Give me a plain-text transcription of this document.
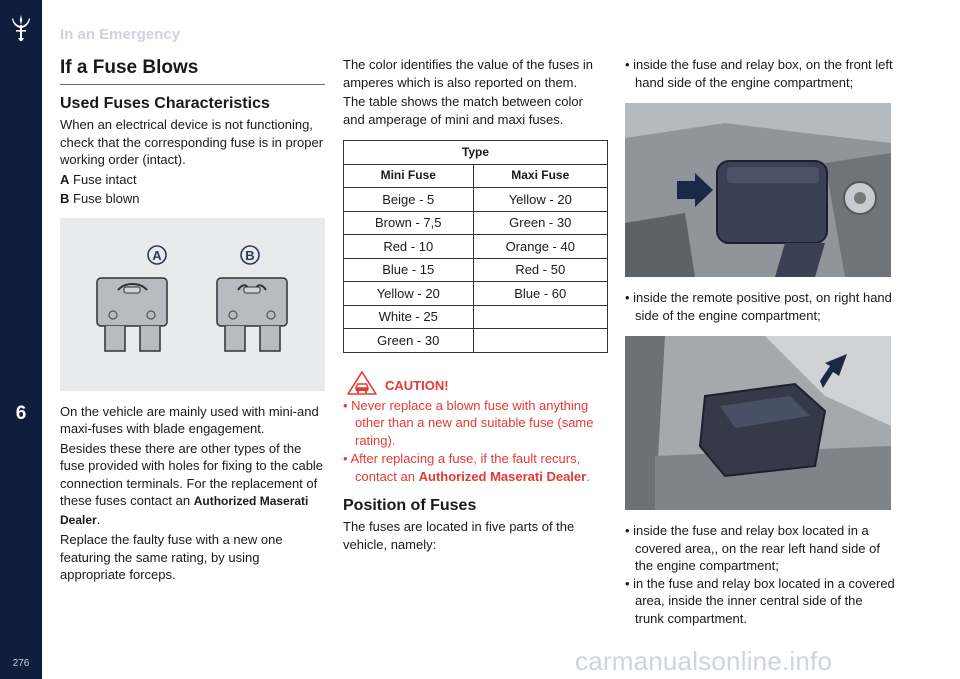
6
276
In an Emergency
If a Fuse Blows
Used Fuses Characteristics

When an electrical device is not functioning, check that the corresponding fuse is in proper working order (intact).

A Fuse intact

B Fuse blown

A	B

On the vehicle are mainly used with mini-and maxi-fuses with blade engagement.

Besides these there are other types of the fuse provided with holes for fixing to the cable connection terminals. For the replacement of these fuses contact an Authorized Maserati Dealer.

Replace the faulty fuse with a new one featuring the same rating, by using appropriate forceps.

The color identifies the value of the fuses in amperes which is also reported on them.

The table shows the match between color and amperage of mini and maxi fuses.

Type	
Mini Fuse	Maxi Fuse
Beige - 5	Yellow - 20
Brown - 7,5	Green - 30
Red - 10	Orange - 40
Blue - 15	Red - 50
Yellow - 20	Blue - 60
White - 25	
Green - 30	
CAUTION!
• Never replace a blown fuse with anything other than a new and suitable fuse (same rating).
• After replacing a fuse, if the fault recurs, contact an Authorized Maserati Dealer.
Position of Fuses

The fuses are located in five parts of the vehicle, namely:

• inside the fuse and relay box, on the front left hand side of the engine compartment;
• inside the remote positive post, on right hand side of the engine compartment;
• inside the fuse and relay box located in a covered area,, on the rear left hand side of the engine compartment;
• in the fuse and relay box located in a covered area, inside the inner central side of the trunk compartment.
carmanualsonline.info
